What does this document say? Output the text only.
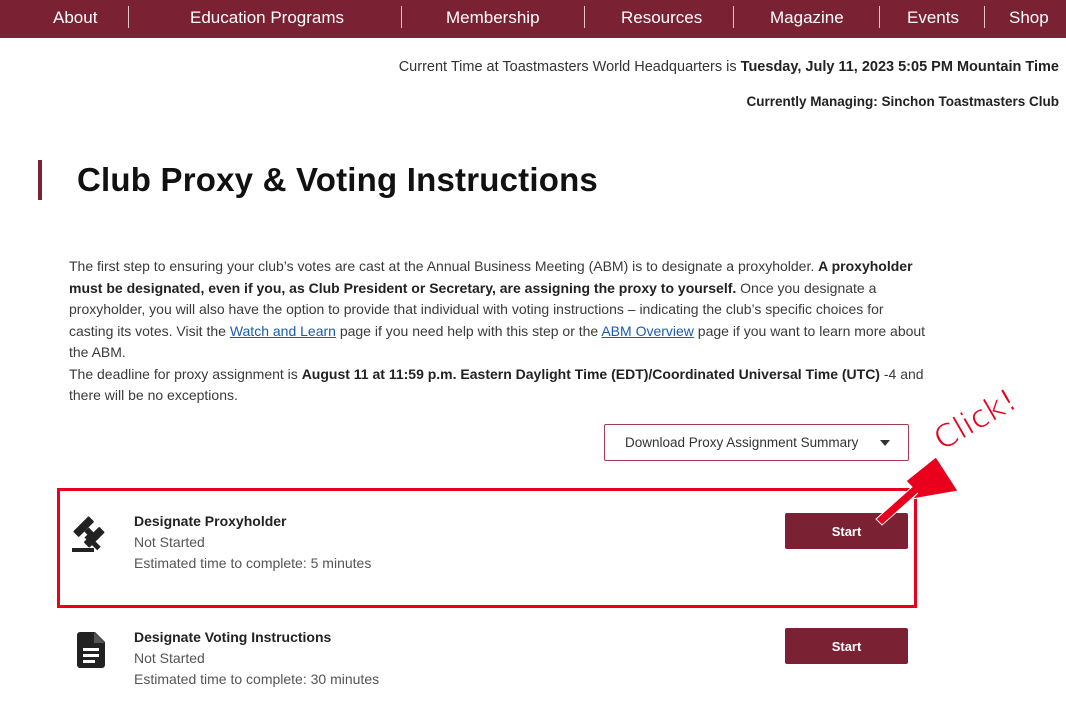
About	Education Programs	Membership	Resources	Magazine	Events	Shop
Current Time at Toastmasters World Headquarters is Tuesday, July 11, 2023 5:05 PM Mountain Time
Currently Managing: Sinchon Toastmasters Club
Club Proxy & Voting Instructions
The first step to ensuring your club’s votes are cast at the Annual Business Meeting (ABM) is to designate a proxyholder. A proxyholder must be designated, even if you, as Club President or Secretary, are assigning the proxy to yourself. Once you designate a proxyholder, you will also have the option to provide that individual with voting instructions – indicating the club’s specific choices for casting its votes. Visit the Watch and Learn page if you need help with this step or the ABM Overview page if you want to learn more about the ABM.
The deadline for proxy assignment is August 11 at 11:59 p.m. Eastern Daylight Time (EDT)/Coordinated Universal Time (UTC) -4 and there will be no exceptions.
Download Proxy Assignment Summary
Designate Proxyholder
Not Started
Estimated time to complete: 5 minutes
Start
Designate Voting Instructions
Not Started
Estimated time to complete: 30 minutes
Start
Click!
